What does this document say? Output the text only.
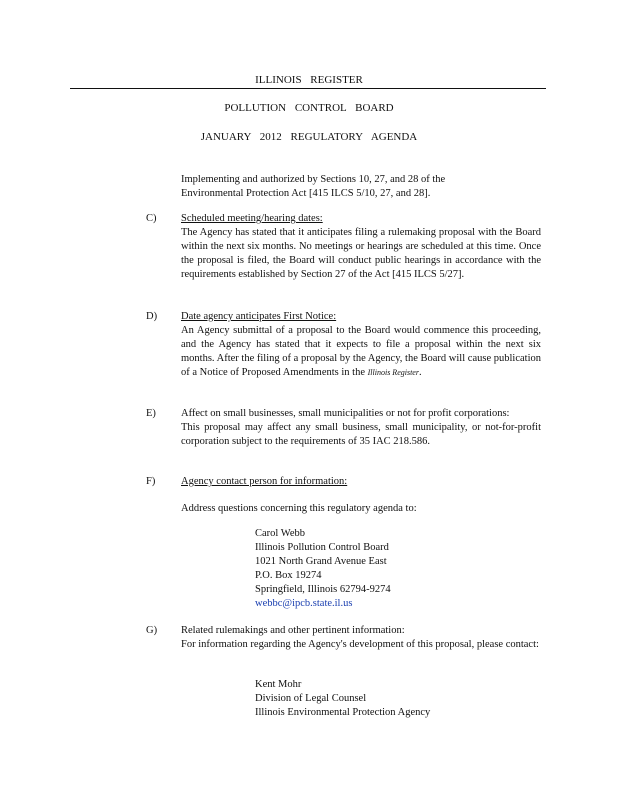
ILLINOIS REGISTER
POLLUTION CONTROL BOARD
JANUARY 2012 REGULATORY AGENDA

Implementing and authorized by Sections 10, 27, and 28 of the

Environmental Protection Act [415 ILCS 5/10, 27, and 28].

C) Scheduled meeting/hearing dates:

The Agency has stated that it anticipates filing a rulemaking proposal with the Board within the next six months. No meetings or hearings are scheduled at this time. Once the proposal is filed, the Board will conduct public hearings in accordance with the requirements established by Section 27 of the Act [415 ILCS 5/27].

D) Date agency anticipates First Notice:

An Agency submittal of a proposal to the Board would commence this proceeding, and the Agency has stated that it expects to file a proposal within the next six months. After the filing of a proposal by the Agency, the Board will cause publication of a Notice of Proposed Amendments in the Illinois Register.

E) Affect on small businesses, small municipalities or not for profit corporations:

This proposal may affect any small business, small municipality, or not-for-profit corporation subject to the requirements of 35 IAC 218.586.

F) Agency contact person for information:

Address questions concerning this regulatory agenda to:

Carol Webb

Illinois Pollution Control Board

1021 North Grand Avenue East

P.O. Box 19274

Springfield, Illinois 62794-9274

webbc@ipcb.state.il.us

G) Related rulemakings and other pertinent information:

For information regarding the Agency's development of this proposal, please contact:

Kent Mohr

Division of Legal Counsel

Illinois Environmental Protection Agency
